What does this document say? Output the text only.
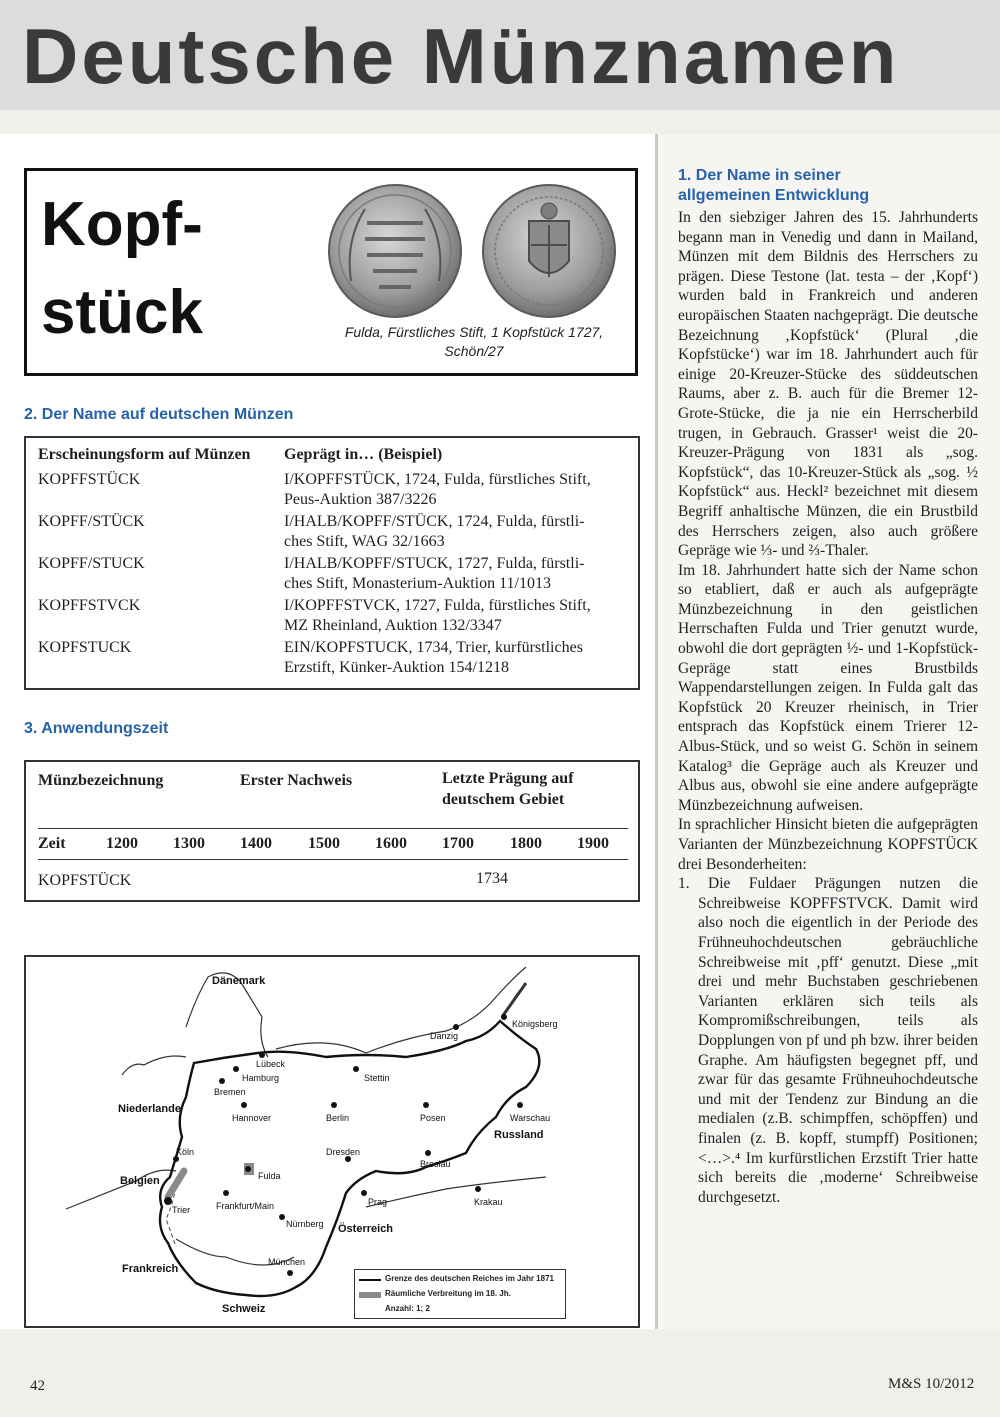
Deutsche Münznamen
Kopf-
stück	Fulda, Fürstliches Stift, 1 Kopfstück 1727,
Schön/27
2. Der Name auf deutschen Münzen
Erscheinungsform auf Münzen	Geprägt in… (Beispiel)
KOPFFSTÜCK	I/KOPFFSTÜCK, 1724, Fulda, fürstliches Stift,
Peus-Auktion 387/3226
KOPFF/STÜCK	I/HALB/KOPFF/STÜCK, 1724, Fulda, fürstli-
ches Stift, WAG 32/1663
KOPFF/STUCK	I/HALB/KOPFF/STUCK, 1727, Fulda, fürstli-
ches Stift, Monasterium-Auktion 11/1013
KOPFFSTVCK	I/KOPFFSTVCK, 1727, Fulda, fürstliches Stift,
MZ Rheinland, Auktion 132/3347
KOPFSTUCK	EIN/KOPFSTUCK, 1734, Trier, kurfürstliches
Erzstift, Künker-Auktion 154/1218
3. Anwendungszeit
Münzbezeichnung	Erster Nachweis	Letzte Prägung auf
deutschem Gebiet
Zeit	1200 1300 1400 1500 1600 1700 1800 1900
KOPFSTÜCK	1734
Dänemark
Niederlande
Belgien
Frankreich
Schweiz
Österreich
Russland
Königsberg
Danzig
Lübeck
Hamburg	Stettin
Bremen
Hannover	Berlin	Posen	Warschau
Köln	Dresden
Breslau
Fulda
Frankfurt/Main	Prag	Krakau
Trier
Nürnberg
München
Grenze des deutschen Reiches im Jahr 1871
Räumliche Verbreitung im 18. Jh.
Anzahl: 1; 2
1. Der Name in seiner
allgemeinen Entwicklung

In den siebziger Jahren des 15. Jahrhunderts begann man in Venedig und dann in Mailand, Münzen mit dem Bildnis des Herrschers zu prägen. Diese Testone (lat. testa – der ‚Kopf‘) wurden bald in Frankreich und anderen europäischen Staaten nachgeprägt. Die deutsche Bezeichnung ‚Kopfstück‘ (Plural ‚die Kopfstücke‘) war im 18. Jahrhundert auch für einige 20-Kreuzer-Stücke des süddeutschen Raums, aber z. B. auch für die Bremer 12-Grote-Stücke, die ja nie ein Herrscherbild trugen, in Gebrauch. Grasser¹ weist die 20-Kreuzer-Prägung von 1831 als „sog. Kopfstück“, das 10-Kreuzer-Stück als „sog. ½ Kopfstück“ aus. Heckl² bezeichnet mit diesem Begriff anhaltische Münzen, die ein Brustbild des Herrschers zeigen, also auch größere Gepräge wie ⅓- und ⅔-Thaler.

Im 18. Jahrhundert hatte sich der Name schon so etabliert, daß er auch als aufgeprägte Münzbezeichnung in den geistlichen Herrschaften Fulda und Trier genutzt wurde, obwohl die dort geprägten ½- und 1-Kopfstück-Gepräge statt eines Brustbilds Wappendarstellungen zeigen. In Fulda galt das Kopfstück 20 Kreuzer rheinisch, in Trier entsprach das Kopfstück einem Trierer 12-Albus-Stück, und so weist G. Schön in seinem Katalog³ die Gepräge auch als Kreuzer und Albus aus, obwohl sie eine andere aufgeprägte Münzbezeichnung aufweisen.

In sprachlicher Hinsicht bieten die aufgeprägten Varianten der Münzbezeichnung KOPFSTÜCK drei Besonderheiten:

1. Die Fuldaer Prägungen nutzen die Schreibweise KOPFFSTVCK. Damit wird also noch die eigentlich in der Periode des Frühneuhochdeutschen gebräuchliche Schreibweise mit ‚pff‘ genutzt. Diese „mit drei und mehr Buchstaben geschriebenen Varianten erklären sich teils als Kompromißschreibungen, teils als Dopplungen von pf und ph bzw. ihrer beiden Graphe. Am häufigsten begegnet pff, und zwar für das gesamte Frühneuhochdeutsche und mit der Tendenz zur Bindung an die medialen (z.B. schimpffen, schöpffen) und finalen (z. B. kopff, stumpff) Positionen; <…>.⁴ Im kurfürstlichen Erzstift Trier hatte sich bereits die ‚moderne‘ Schreibweise durchgesetzt.
42	M&S 10/2012
